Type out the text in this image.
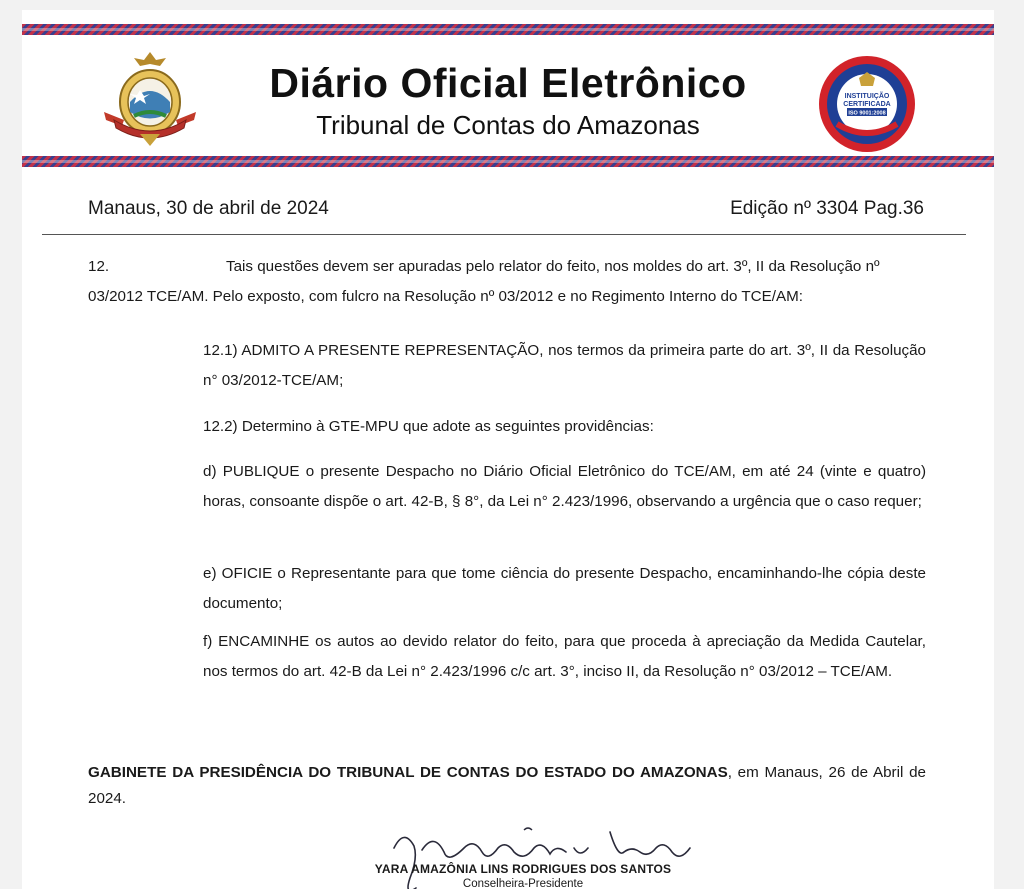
Diário Oficial Eletrônico
Tribunal de Contas do Amazonas
INSTITUIÇÃO
CERTIFICADA
ISO 9001:2008
Manaus, 30 de abril de 2024	Edição nº 3304 Pag.36
12.	Tais questões devem ser apuradas pelo relator do feito, nos moldes do art. 3º, II da Resolução nº
03/2012 TCE/AM. Pelo exposto, com fulcro na Resolução nº 03/2012 e no Regimento Interno do TCE/AM:
12.1) ADMITO A PRESENTE REPRESENTAÇÃO, nos termos da primeira parte do art. 3º, II da Resolução n° 03/2012-TCE/AM;
12.2) Determino à GTE-MPU que adote as seguintes providências:
d) PUBLIQUE o presente Despacho no Diário Oficial Eletrônico do TCE/AM, em até 24 (vinte e quatro) horas, consoante dispõe o art. 42-B, § 8°, da Lei n° 2.423/1996, observando a urgência que o caso requer;
e) OFICIE o Representante para que tome ciência do presente Despacho, encaminhando-lhe cópia deste documento;
f) ENCAMINHE os autos ao devido relator do feito, para que proceda à apreciação da Medida Cautelar, nos termos do art. 42-B da Lei n° 2.423/1996 c/c art. 3°, inciso II, da Resolução n° 03/2012 – TCE/AM.
GABINETE DA PRESIDÊNCIA DO TRIBUNAL DE CONTAS DO ESTADO DO AMAZONAS, em Manaus, 26 de Abril de 2024.
YARA AMAZÔNIA LINS RODRIGUES DOS SANTOS
Conselheira-Presidente
